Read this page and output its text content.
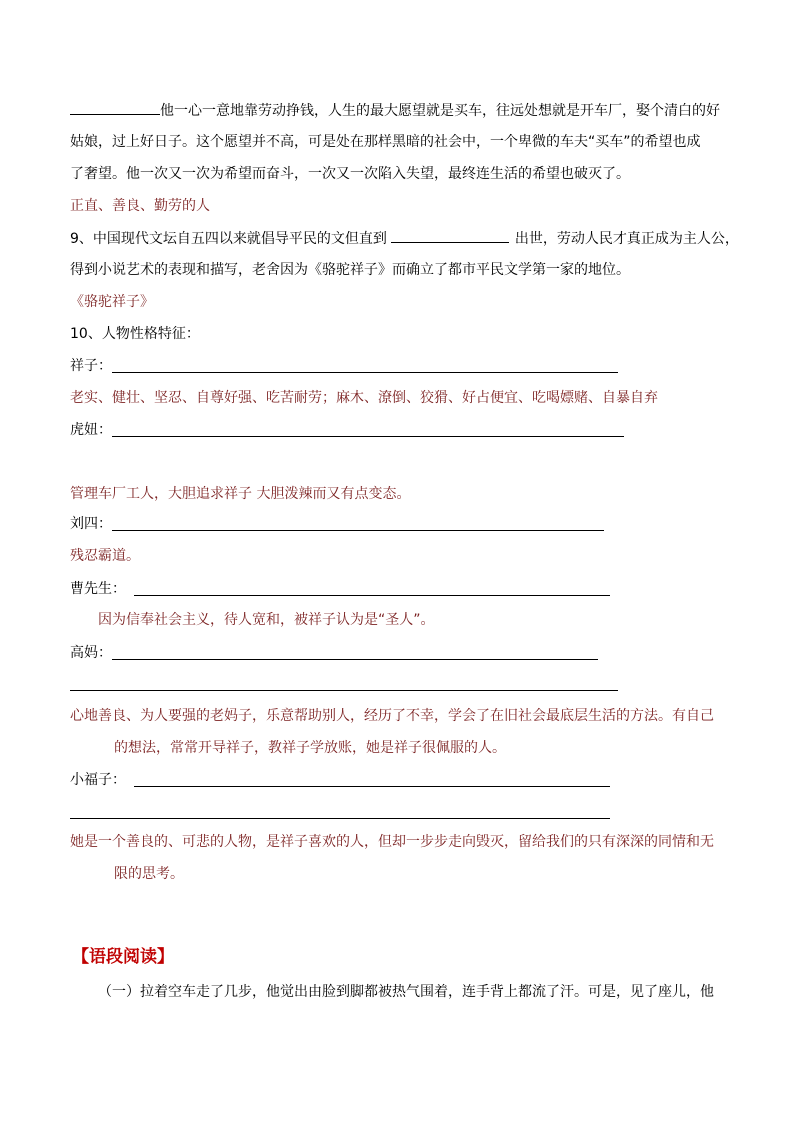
他一心一意地靠劳动挣钱，人生的最大愿望就是买车，往远处想就是开车厂，娶个清白的好
姑娘，过上好日子。这个愿望并不高，可是处在那样黑暗的社会中，一个卑微的车夫“买车”的希望也成
了奢望。他一次又一次为希望而奋斗，一次又一次陷入失望，最终连生活的希望也破灭了。
正直、善良、勤劳的人
9、中国现代文坛自五四以来就倡导平民的文但直到	出世，劳动人民才真正成为主人公，
得到小说艺术的表现和描写，老舍因为《骆驼祥子》而确立了都市平民文学第一家的地位。
《骆驼祥子》
10、人物性格特征：
祥子：
老实、健壮、坚忍、自尊好强、吃苦耐劳；麻木、潦倒、狡猾、好占便宜、吃喝嫖赌、自暴自弃
虎妞：
管理车厂工人，大胆追求祥子 大胆泼辣而又有点变态。
刘四：
残忍霸道。
曹先生：
因为信奉社会主义，待人宽和，被祥子认为是“圣人”。
高妈：
心地善良、为人要强的老妈子，乐意帮助别人，经历了不幸，学会了在旧社会最底层生活的方法。有自己
的想法，常常开导祥子，教祥子学放账，她是祥子很佩服的人。
小福子：
她是一个善良的、可悲的人物，是祥子喜欢的人，但却一步步走向毁灭，留给我们的只有深深的同情和无
限的思考。
【语段阅读】
（一）拉着空车走了几步，他觉出由脸到脚都被热气围着，连手背上都流了汗。可是，见了座儿，他
